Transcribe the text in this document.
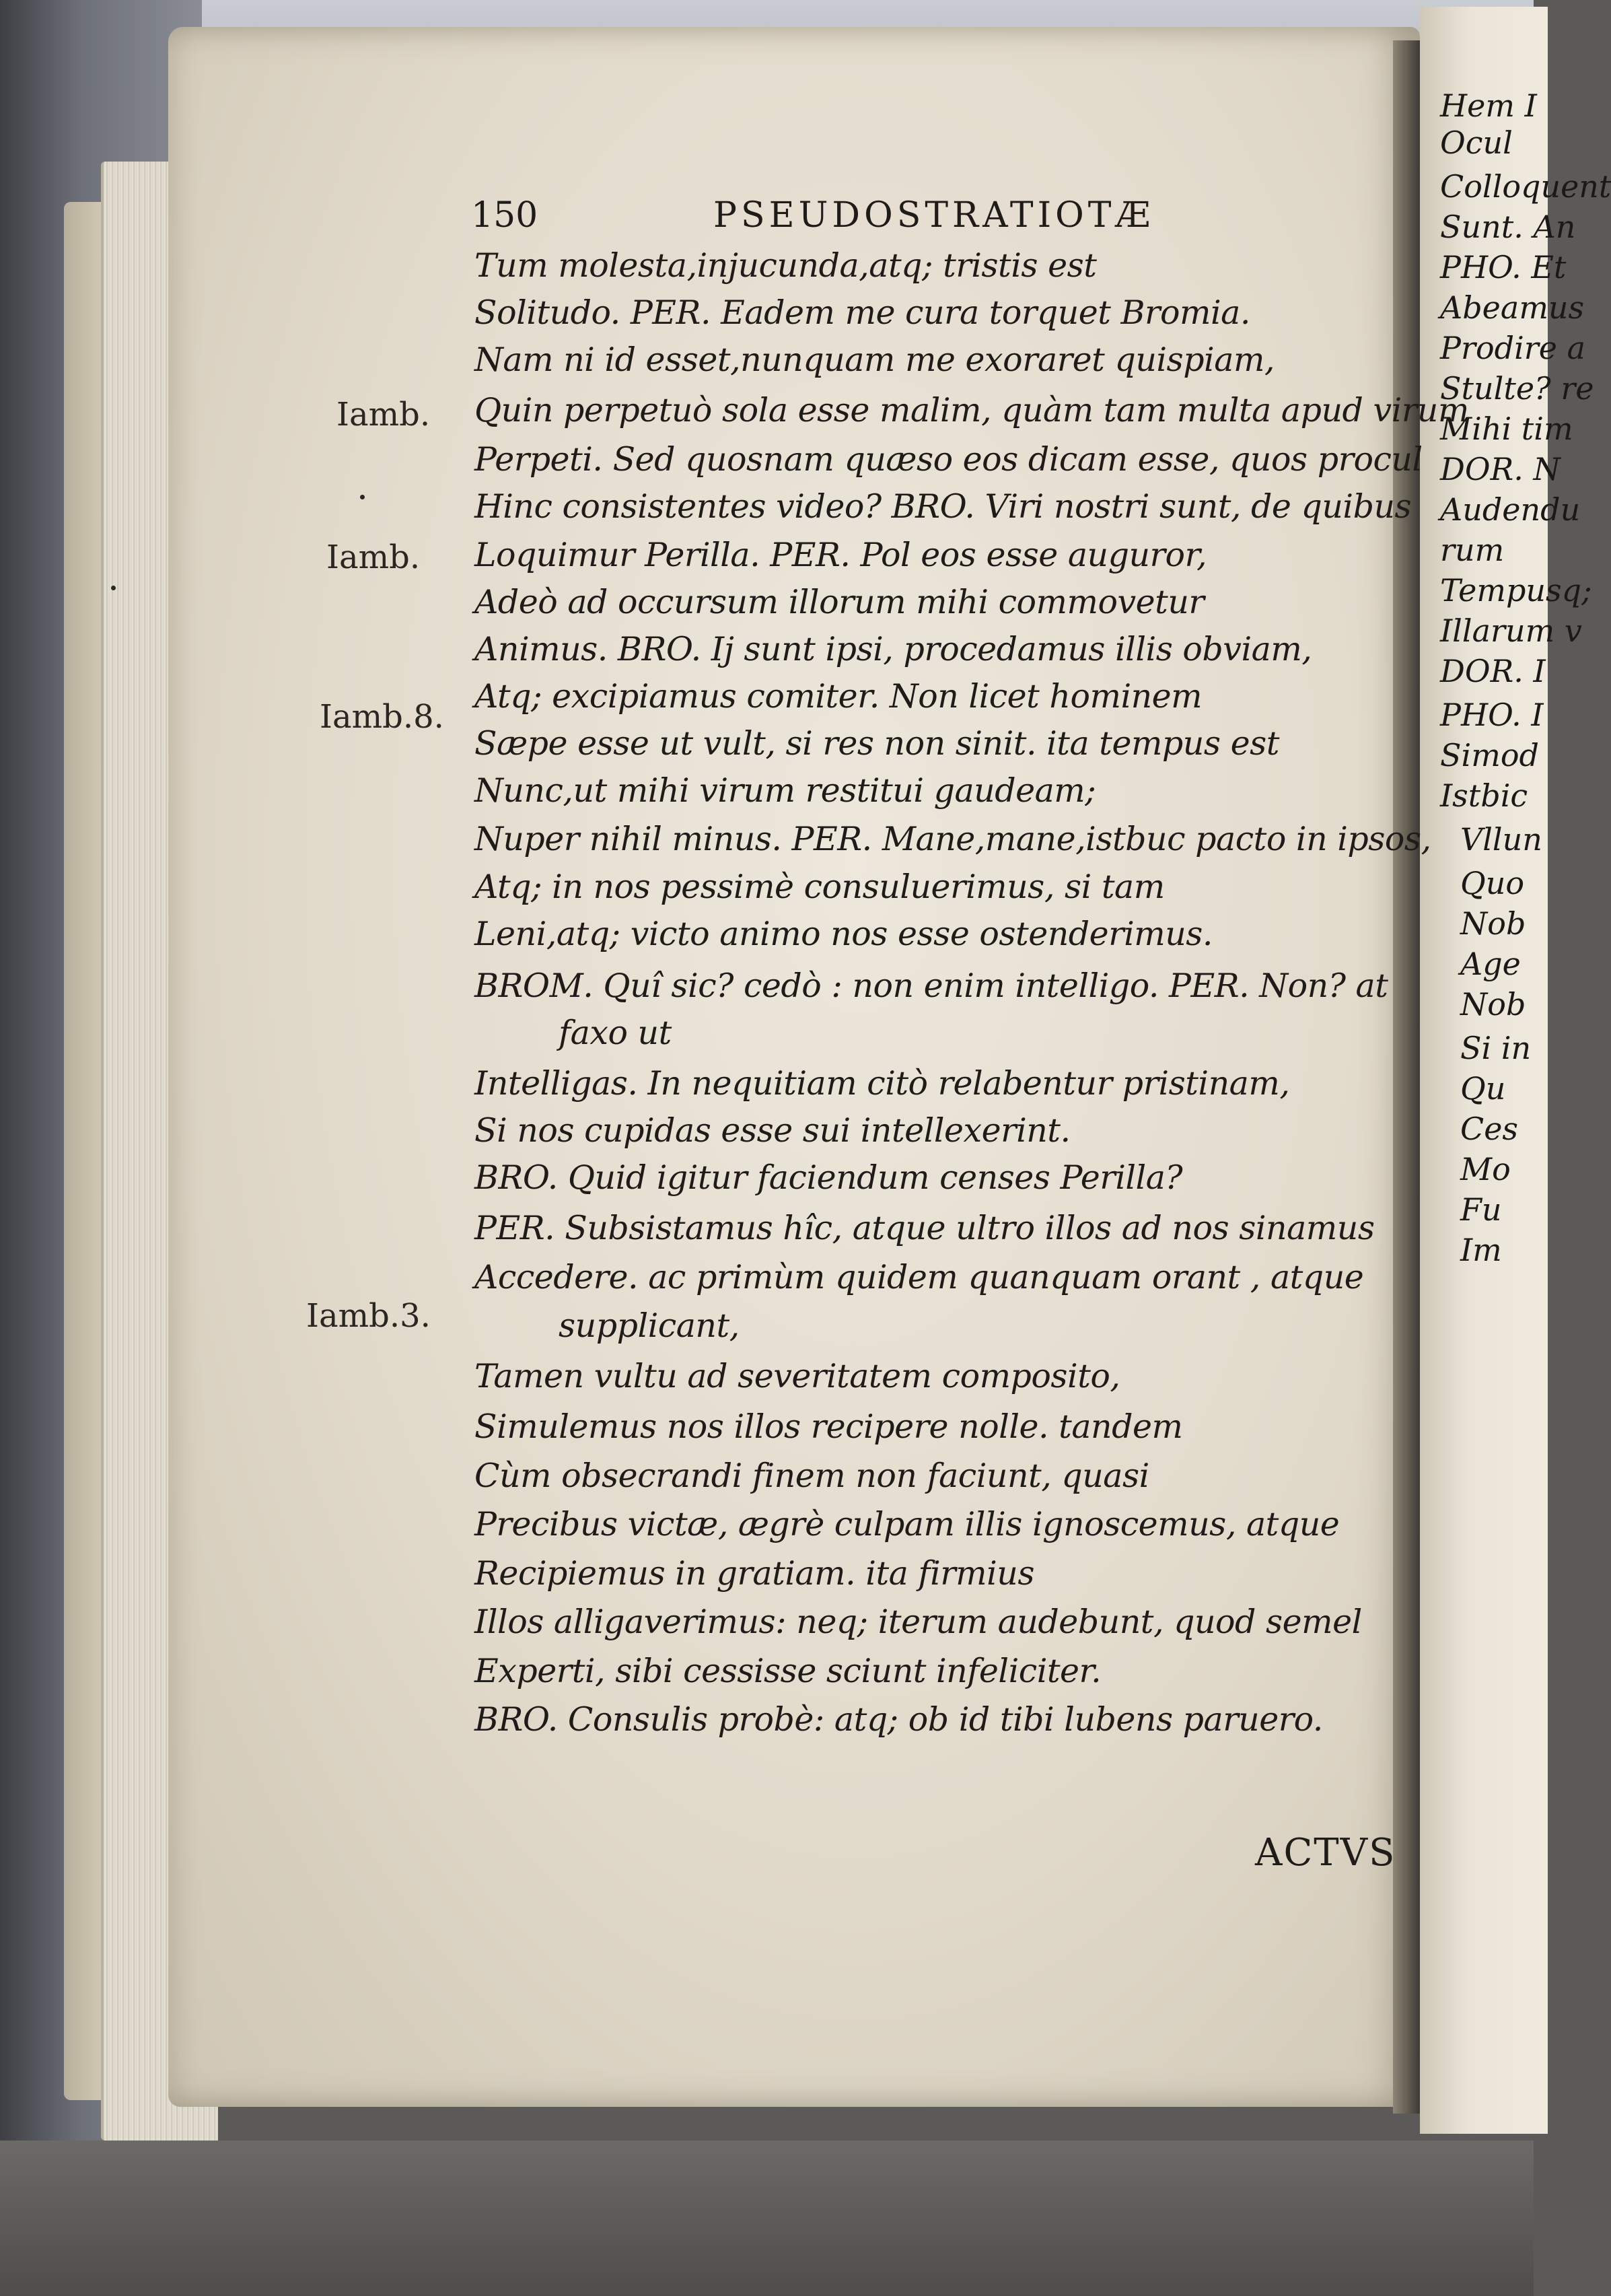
Hem I
Ocul
Colloquent
Sunt. An
PHO. Et
Abeamus
Prodire a
Stulte? re
Mihi tim
DOR. N
Audendu
rum
Tempusq;
Illarum v
DOR. I
PHO. I
Simod
Istbic
Vllun
Quo
Nob
Age
Nob
Si in
Qu
Ces
Mo
Fu
Im
150	PSEUDOSTRATIOTÆ
Iamb.
Iamb.
Iamb.8.
Iamb.3.
Tum molesta,injucunda,atq; tristis est
Solitudo. PER. Eadem me cura torquet Bromia.
Nam ni id esset,nunquam me exoraret quispiam,
Quin perpetuò sola esse malim, quàm tam multa apud virum
Perpeti. Sed quosnam quæso eos dicam esse, quos procul
Hinc consistentes video? BRO. Viri nostri sunt, de quibus
Loquimur Perilla. PER. Pol eos esse auguror,
Adeò ad occursum illorum mihi commovetur
Animus. BRO. Ij sunt ipsi, procedamus illis obviam,
Atq; excipiamus comiter. Non licet hominem
Sæpe esse ut vult, si res non sinit. ita tempus est
Nunc,ut mihi virum restitui gaudeam;
Nuper nihil minus. PER. Mane,mane,istbuc pacto in ipsos,
Atq; in nos pessimè consuluerimus, si tam
Leni,atq; victo animo nos esse ostenderimus.
BROM. Quî sic? cedò : non enim intelligo. PER. Non? at
faxo ut
Intelligas. In nequitiam citò relabentur pristinam,
Si nos cupidas esse sui intellexerint.
BRO. Quid igitur faciendum censes Perilla?
PER. Subsistamus hîc, atque ultro illos ad nos sinamus
Accedere. ac primùm quidem quanquam orant , atque
supplicant,
Tamen vultu ad severitatem composito,
Simulemus nos illos recipere nolle. tandem
Cùm obsecrandi finem non faciunt, quasi
Precibus victæ, ægrè culpam illis ignoscemus, atque
Recipiemus in gratiam. ita firmius
Illos alligaverimus: neq; iterum audebunt, quod semel
Experti, sibi cessisse sciunt infeliciter.
BRO. Consulis probè: atq; ob id tibi lubens paruero.
ACTVS
